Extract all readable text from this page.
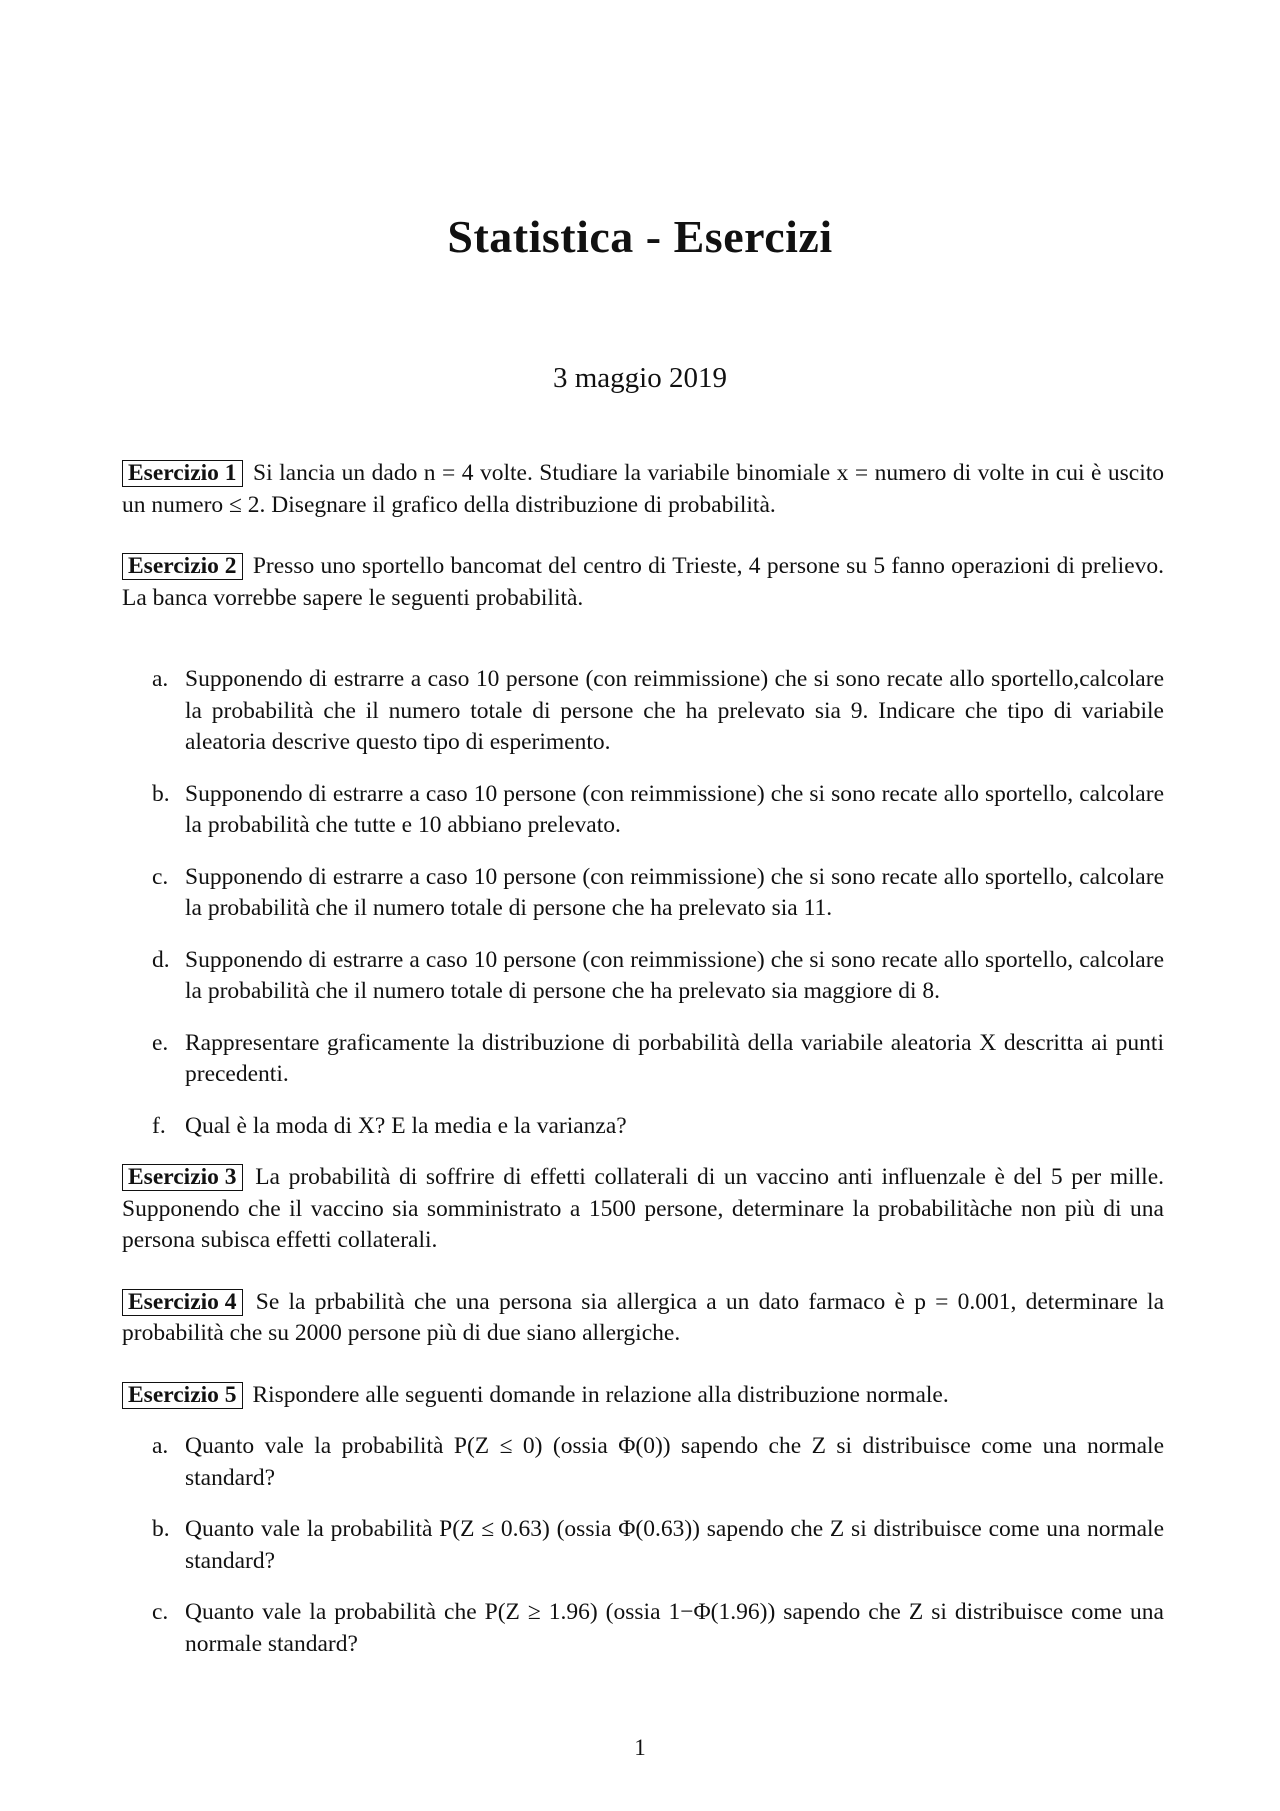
Statistica - Esercizi
3 maggio 2019

Esercizio 1 Si lancia un dado n = 4 volte. Studiare la variabile binomiale x = numero di volte in cui è uscito un numero ≤ 2. Disegnare il grafico della distribuzione di probabilità.

Esercizio 2 Presso uno sportello bancomat del centro di Trieste, 4 persone su 5 fanno operazioni di prelievo. La banca vorrebbe sapere le seguenti probabilità.

a. Supponendo di estrarre a caso 10 persone (con reimmissione) che si sono recate allo sportello,calcolare la probabilità che il numero totale di persone che ha prelevato sia 9. Indicare che tipo di variabile aleatoria descrive questo tipo di esperimento.
b. Supponendo di estrarre a caso 10 persone (con reimmissione) che si sono recate allo sportello, calcolare la probabilità che tutte e 10 abbiano prelevato.
c. Supponendo di estrarre a caso 10 persone (con reimmissione) che si sono recate allo sportello, calcolare la probabilità che il numero totale di persone che ha prelevato sia 11.
d. Supponendo di estrarre a caso 10 persone (con reimmissione) che si sono recate allo sportello, calcolare la probabilità che il numero totale di persone che ha prelevato sia maggiore di 8.
e. Rappresentare graficamente la distribuzione di porbabilità della variabile aleatoria X descritta ai punti precedenti.
f. Qual è la moda di X? E la media e la varianza?

Esercizio 3 La probabilità di soffrire di effetti collaterali di un vaccino anti influenzale è del 5 per mille. Supponendo che il vaccino sia somministrato a 1500 persone, determinare la probabilitàche non più di una persona subisca effetti collaterali.

Esercizio 4 Se la prbabilità che una persona sia allergica a un dato farmaco è p = 0.001, determinare la probabilità che su 2000 persone più di due siano allergiche.

Esercizio 5 Rispondere alle seguenti domande in relazione alla distribuzione normale.

a. Quanto vale la probabilità P(Z ≤ 0) (ossia Φ(0)) sapendo che Z si distribuisce come una normale standard?
b. Quanto vale la probabilità P(Z ≤ 0.63) (ossia Φ(0.63)) sapendo che Z si distribuisce come una normale standard?
c. Quanto vale la probabilità che P(Z ≥ 1.96) (ossia 1−Φ(1.96)) sapendo che Z si distribuisce come una normale standard?
1
